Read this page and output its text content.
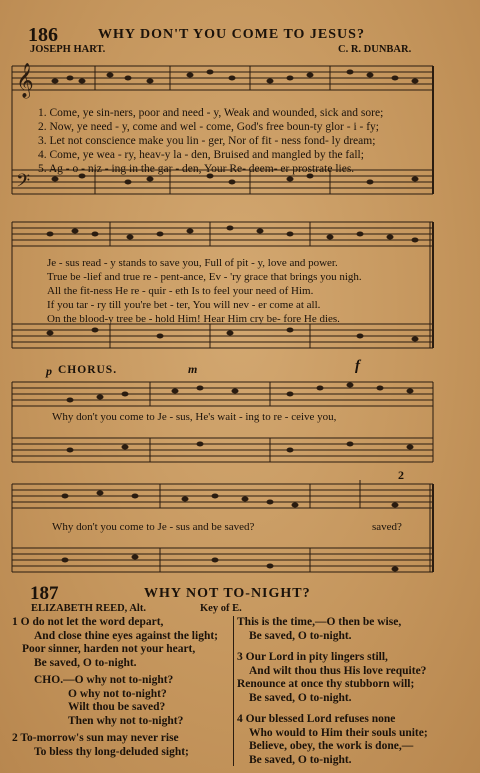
186	WHY DON'T YOU COME TO JESUS?
JOSEPH HART.	C. R. DUNBAR.
𝄞
𝄢
1. Come, ye sin-ners, poor and need - y, Weak and wounded, sick and sore;
2. Now, ye need - y, come and wel - come, God's free boun-ty glor - i - fy;
3. Let not conscience make you lin - ger, Nor of fit - ness fond- ly dream;
4. Come, ye wea - ry, heav-y la - den, Bruised and mangled by the fall;
5. Ag - o - niz - ing in the gar - den, Your Re- deem- er prostrate lies.
Je - sus read - y stands to save you, Full of pit - y, love and power.
True be -lief and true re - pent-ance, Ev - 'ry grace that brings you nigh.
All the fit-ness He re - quir - eth Is to feel your need of Him.
If you tar - ry till you're bet - ter, You will nev - er come at all.
On the blood-y tree be - hold Him! Hear Him cry be- fore He dies.
p CHORUS.	m	f
Why don't you come to Je - sus, He's wait - ing to re - ceive you,
2
Why don't you come to Je - sus and be saved?	saved?
187	WHY NOT TO-NIGHT?
ELIZABETH REED, Alt.	Key of E.
1 O do not let the word depart,
And close thine eyes against the light;
Poor sinner, harden not your heart,
Be saved, O to-night.
CHO.—O why not to-night?
O why not to-night?
Wilt thou be saved?
Then why not to-night?
2 To-morrow's sun may never rise
To bless thy long-deluded sight;
This is the time,—O then be wise,
Be saved, O to-night.
3 Our Lord in pity lingers still,
And wilt thou thus His love requite?
Renounce at once thy stubborn will;
Be saved, O to-night.
4 Our blessed Lord refuses none
Who would to Him their souls unite;
Believe, obey, the work is done,—
Be saved, O to-night.
